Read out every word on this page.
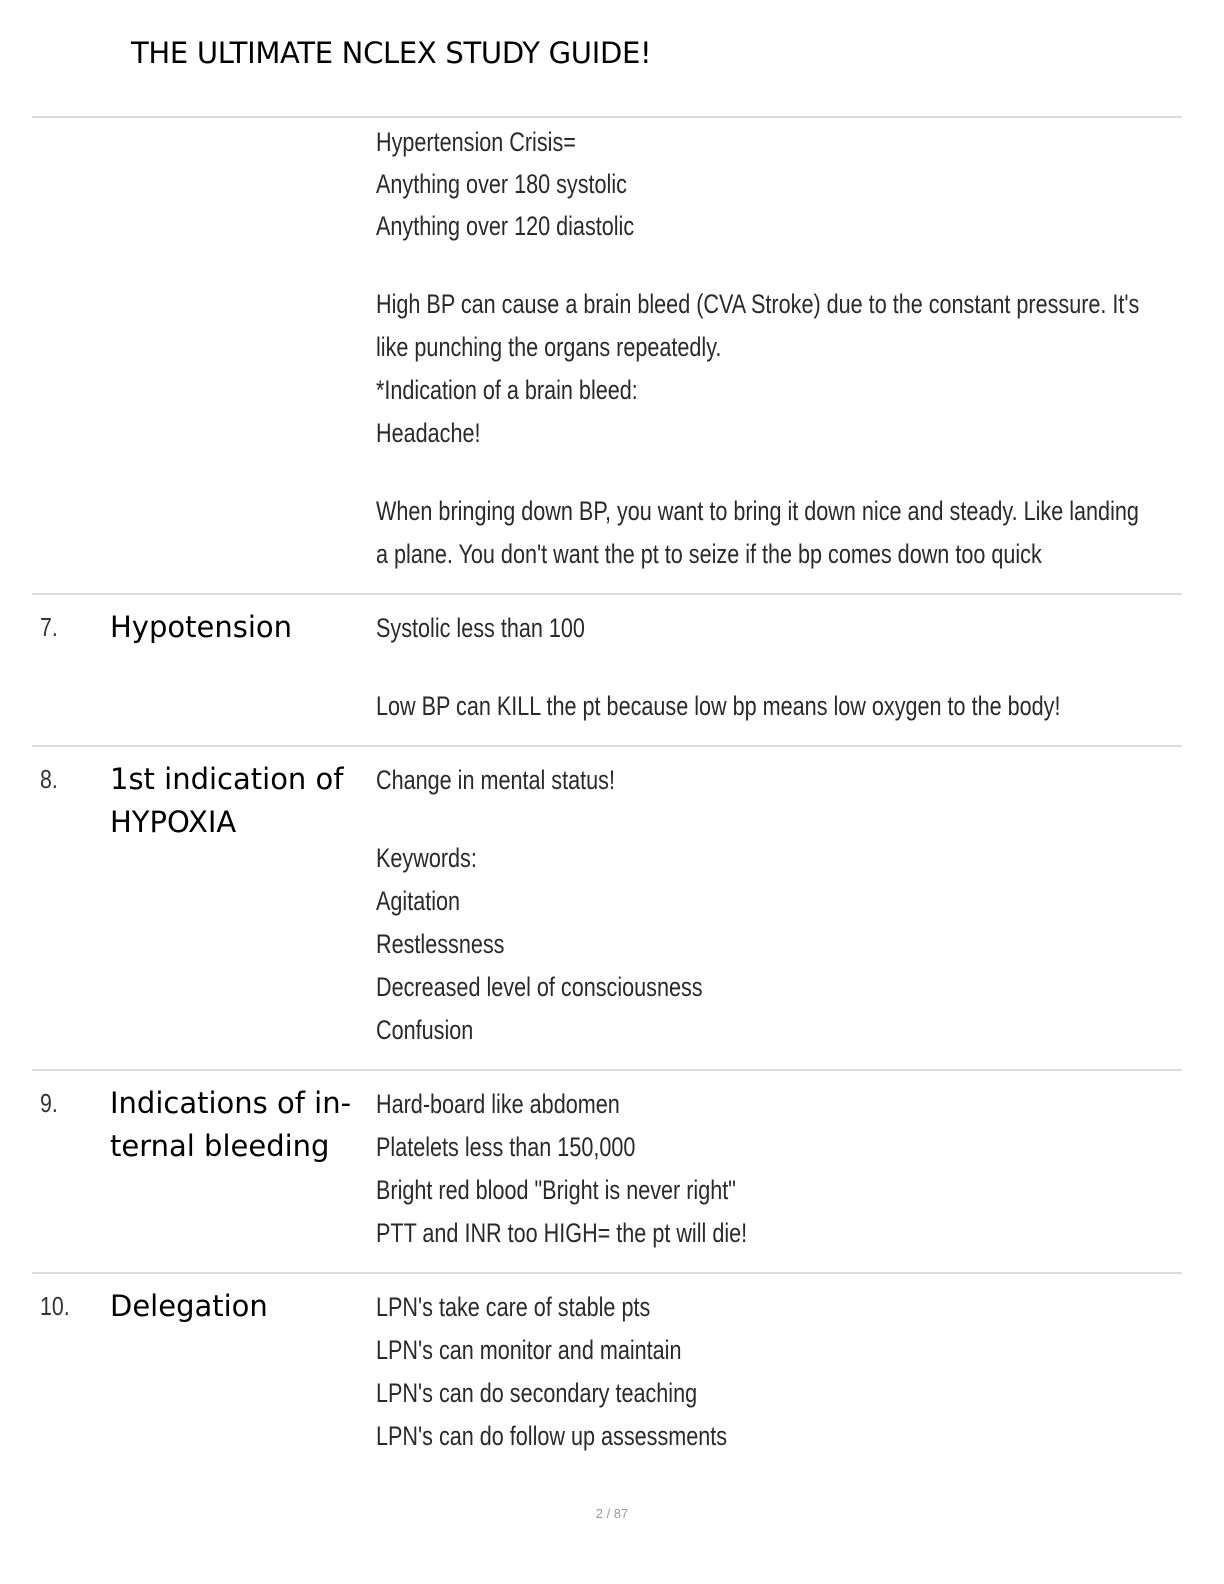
THE ULTIMATE NCLEX STUDY GUIDE!
Hypertension Crisis=
Anything over 180 systolic
Anything over 120 diastolic
High BP can cause a brain bleed (CVA Stroke) due to the constant pressure. It's
like punching the organs repeatedly.
*Indication of a brain bleed:
Headache!
When bringing down BP, you want to bring it down nice and steady. Like landing
a plane. You don't want the pt to seize if the bp comes down too quick
7. Hypotension	Systolic less than 100
Low BP can KILL the pt because low bp means low oxygen to the body!
8. 1st indication of
HYPOXIA
Change in mental status!
Keywords:
Agitation
Restlessness
Decreased level of consciousness
Confusion
9. Indications of in-
ternal bleeding
Hard-board like abdomen
Platelets less than 150,000
Bright red blood "Bright is never right"
PTT and INR too HIGH= the pt will die!
10. Delegation	LPN's take care of stable pts
LPN's can monitor and maintain
LPN's can do secondary teaching
LPN's can do follow up assessments
2 / 87
